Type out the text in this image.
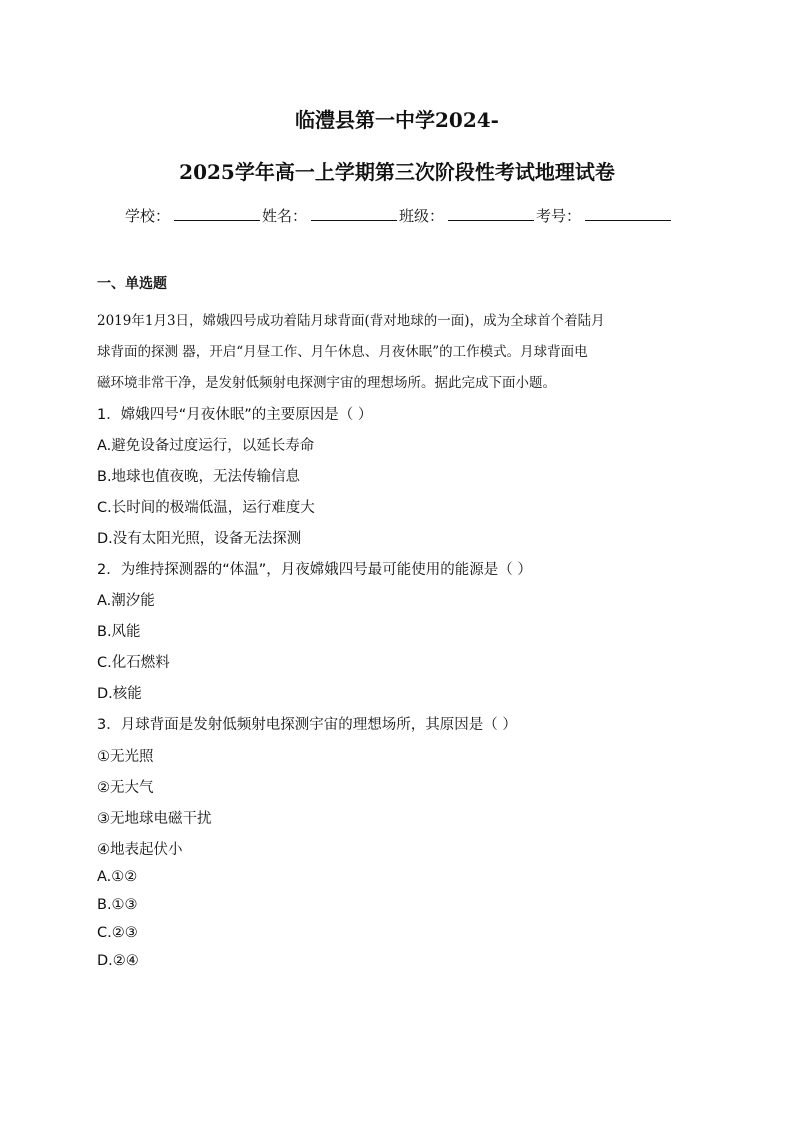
临澧县第一中学2024-
2025学年高一上学期第三次阶段性考试地理试卷
学校：	姓名：	班级：	考号：
一、单选题
2019年1月3日，嫦娥四号成功着陆月球背面(背对地球的一面)，成为全球首个着陆月
球背面的探测 器，开启“月昼工作、月午休息、月夜休眠”的工作模式。月球背面电
磁环境非常干净，是发射低频射电探测宇宙的理想场所。据此完成下面小题。
1．嫦娥四号“月夜休眠”的主要原因是（ ）
A.避免设备过度运行，以延长寿命
B.地球也值夜晚，无法传输信息
C.长时间的极端低温，运行难度大
D.没有太阳光照，设备无法探测
2．为维持探测器的“体温”，月夜嫦娥四号最可能使用的能源是（ ）
A.潮汐能
B.风能
C.化石燃料
D.核能
3．月球背面是发射低频射电探测宇宙的理想场所，其原因是（ ）
①无光照
②无大气
③无地球电磁干扰
④地表起伏小
A.①②
B.①③
C.②③
D.②④
